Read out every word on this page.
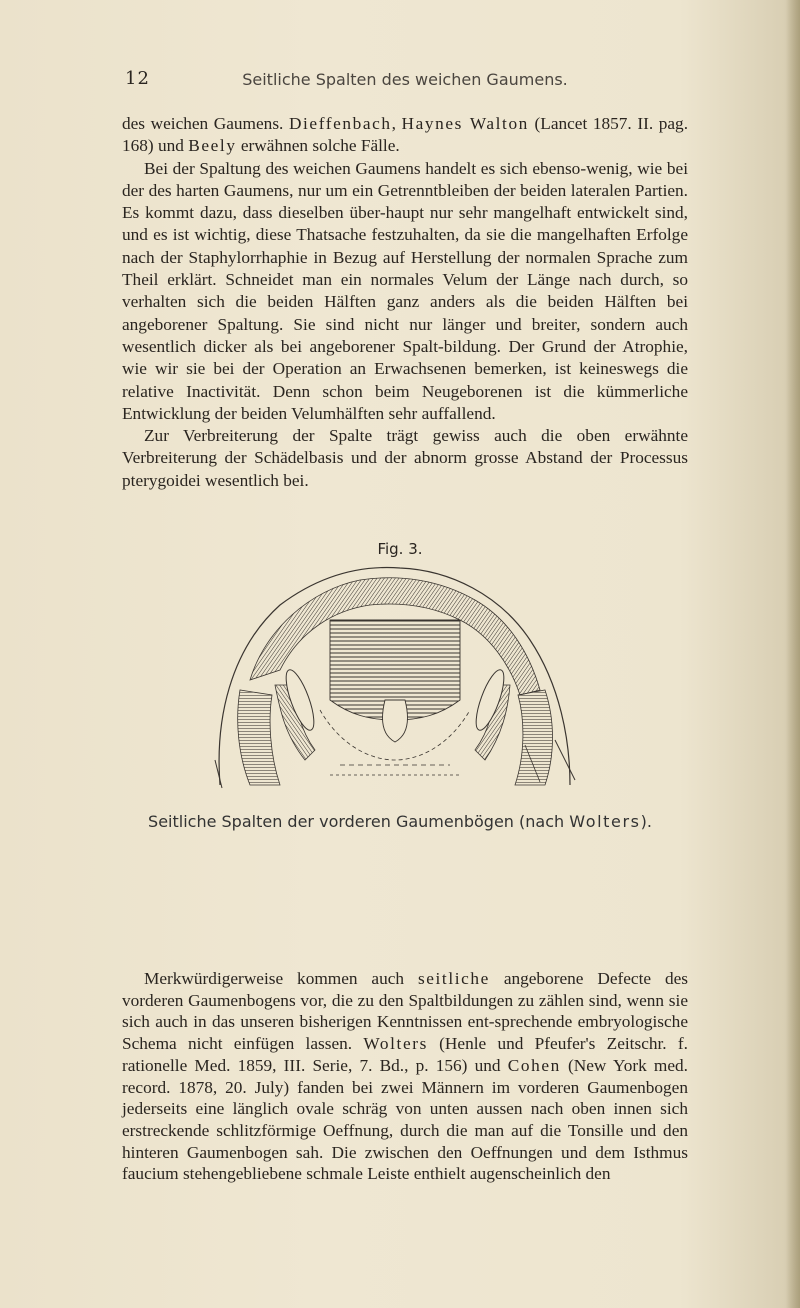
12	Seitliche Spalten des weichen Gaumens.

des weichen Gaumens. Dieffenbach, Haynes Walton (Lancet 1857. II. pag. 168) und Beely erwähnen solche Fälle.

Bei der Spaltung des weichen Gaumens handelt es sich ebenso-wenig, wie bei der des harten Gaumens, nur um ein Getrenntbleiben der beiden lateralen Partien. Es kommt dazu, dass dieselben über-haupt nur sehr mangelhaft entwickelt sind, und es ist wichtig, diese Thatsache festzuhalten, da sie die mangelhaften Erfolge nach der Staphylorrhaphie in Bezug auf Herstellung der normalen Sprache zum Theil erklärt. Schneidet man ein normales Velum der Länge nach durch, so verhalten sich die beiden Hälften ganz anders als die beiden Hälften bei angeborener Spaltung. Sie sind nicht nur länger und breiter, sondern auch wesentlich dicker als bei angeborener Spalt-bildung. Der Grund der Atrophie, wie wir sie bei der Operation an Erwachsenen bemerken, ist keineswegs die relative Inactivität. Denn schon beim Neugeborenen ist die kümmerliche Entwicklung der beiden Velumhälften sehr auffallend.

Zur Verbreiterung der Spalte trägt gewiss auch die oben erwähnte Verbreiterung der Schädelbasis und der abnorm grosse Abstand der Processus pterygoidei wesentlich bei.

Fig. 3.
Seitliche Spalten der vorderen Gaumenbögen (nach Wolters).

Merkwürdigerweise kommen auch seitliche angeborene Defecte des vorderen Gaumenbogens vor, die zu den Spaltbildungen zu zählen sind, wenn sie sich auch in das unseren bisherigen Kenntnissen ent-sprechende embryologische Schema nicht einfügen lassen. Wolters (Henle und Pfeufer's Zeitschr. f. rationelle Med. 1859, III. Serie, 7. Bd., p. 156) und Cohen (New York med. record. 1878, 20. July) fanden bei zwei Männern im vorderen Gaumenbogen jederseits eine länglich ovale schräg von unten aussen nach oben innen sich erstreckende schlitzförmige Oeffnung, durch die man auf die Tonsille und den hinteren Gaumenbogen sah. Die zwischen den Oeffnungen und dem Isthmus faucium stehengebliebene schmale Leiste enthielt augenscheinlich den
